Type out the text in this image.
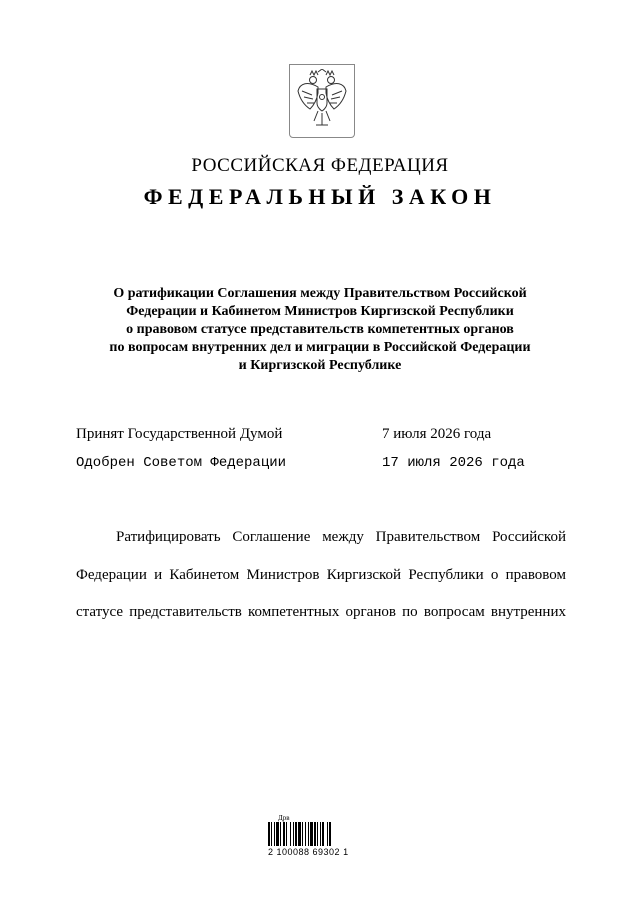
РОССИЙСКАЯ ФЕДЕРАЦИЯ
ФЕДЕРАЛЬНЫЙ ЗАКОН
О ратификации Соглашения между Правительством Российской
Федерации и Кабинетом Министров Киргизской Республики
о правовом статусе представительств компетентных органов
по вопросам внутренних дел и миграции в Российской Федерации
и Киргизской Республике
Принят Государственной Думой	7 июля 2026 года
Одобрен Советом Федерации	17 июля 2026 года
Ратифицировать Соглашение между Правительством Российской
Федерации и Кабинетом Министров Киргизской Республики о правовом
статусе представительств компетентных органов по вопросам внутренних
Дрв
2 100088 69302 1
